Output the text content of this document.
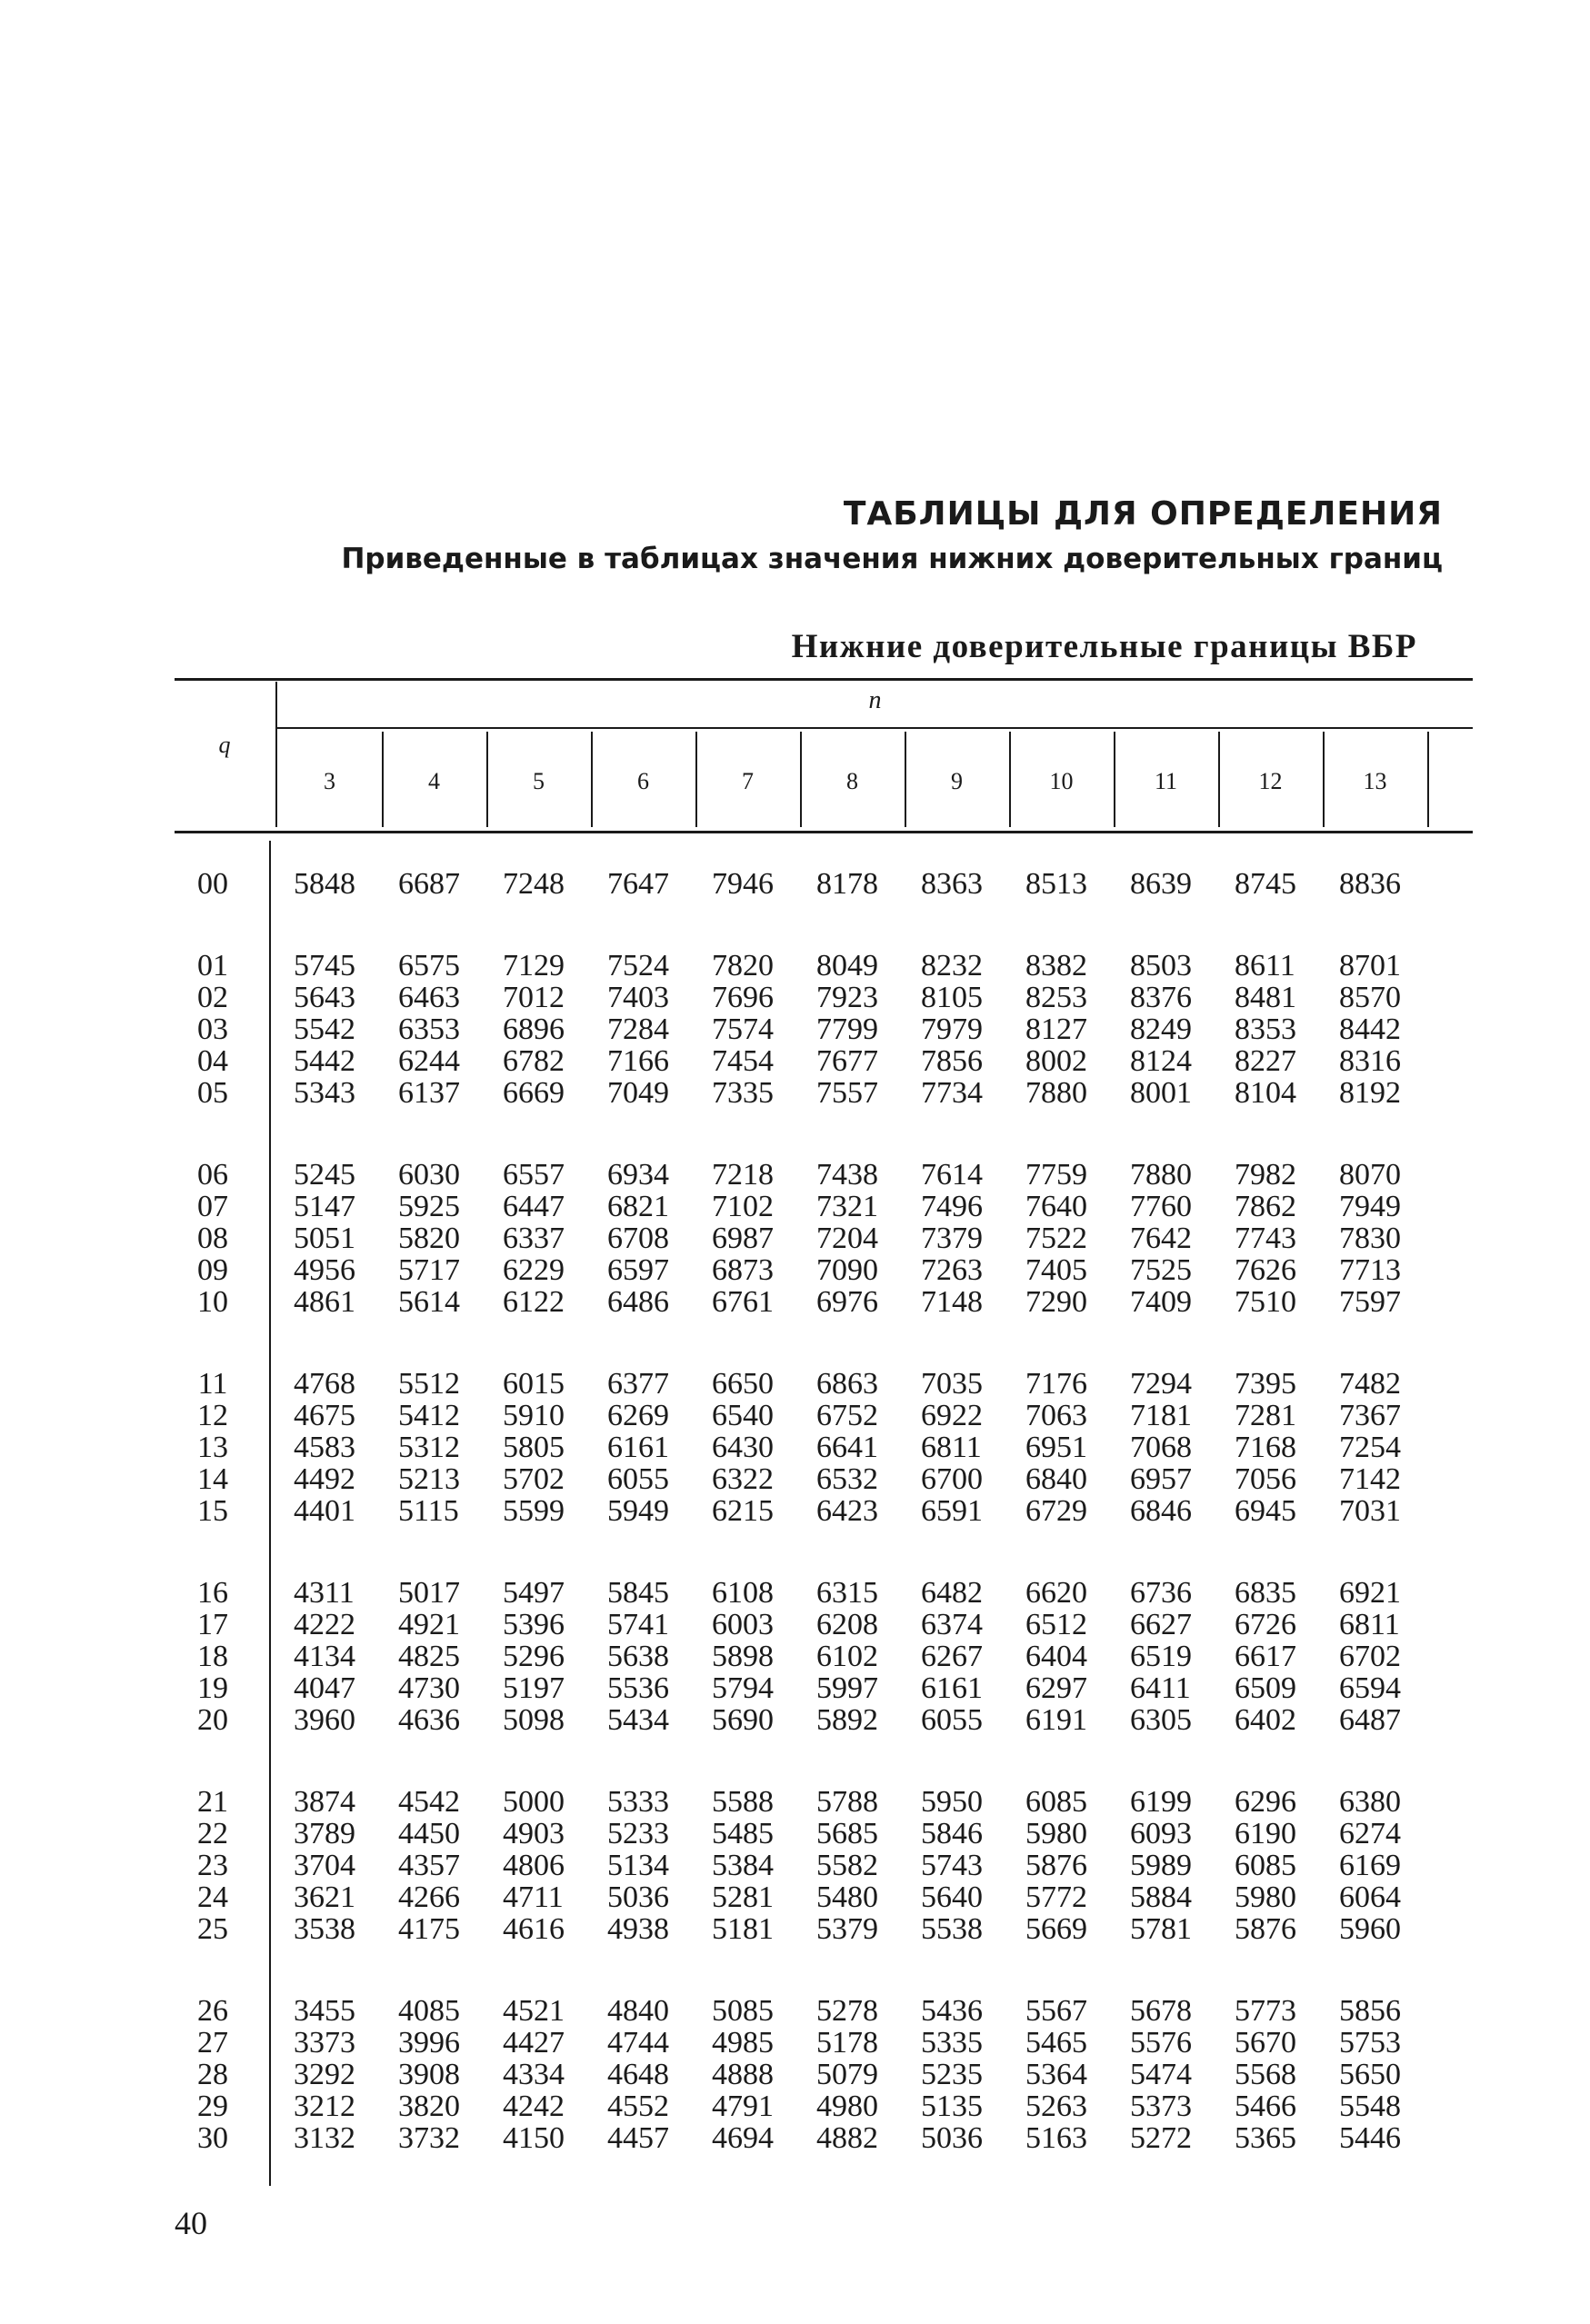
ТАБЛИЦЫ ДЛЯ ОПРЕДЕЛЕНИЯ
Приведенные в таблицах значения нижних доверительных границ
Нижние доверительные границы ВБР
n
q
3	4	5	6	7	8	9	10	11	12	13
00	5848 6687 7248 7647 7946 8178 8363 8513 8639 8745 8836
01	5745 6575 7129 7524 7820 8049 8232 8382 8503 8611 8701
02	5643 6463 7012 7403 7696 7923 8105 8253 8376 8481 8570
03	5542 6353 6896 7284 7574 7799 7979 8127 8249 8353 8442
04	5442 6244 6782 7166 7454 7677 7856 8002 8124 8227 8316
05	5343 6137 6669 7049 7335 7557 7734 7880 8001 8104 8192
06	5245 6030 6557 6934 7218 7438 7614 7759 7880 7982 8070
07	5147 5925 6447 6821 7102 7321 7496 7640 7760 7862 7949
08	5051 5820 6337 6708 6987 7204 7379 7522 7642 7743 7830
09	4956 5717 6229 6597 6873 7090 7263 7405 7525 7626 7713
10	4861 5614 6122 6486 6761 6976 7148 7290 7409 7510 7597
11	4768 5512 6015 6377 6650 6863 7035 7176 7294 7395 7482
12	4675 5412 5910 6269 6540 6752 6922 7063 7181 7281 7367
13	4583 5312 5805 6161 6430 6641 6811 6951 7068 7168 7254
14	4492 5213 5702 6055 6322 6532 6700 6840 6957 7056 7142
15	4401 5115 5599 5949 6215 6423 6591 6729 6846 6945 7031
16	4311 5017 5497 5845 6108 6315 6482 6620 6736 6835 6921
17	4222 4921 5396 5741 6003 6208 6374 6512 6627 6726 6811
18	4134 4825 5296 5638 5898 6102 6267 6404 6519 6617 6702
19	4047 4730 5197 5536 5794 5997 6161 6297 6411 6509 6594
20	3960 4636 5098 5434 5690 5892 6055 6191 6305 6402 6487
21	3874 4542 5000 5333 5588 5788 5950 6085 6199 6296 6380
22	3789 4450 4903 5233 5485 5685 5846 5980 6093 6190 6274
23	3704 4357 4806 5134 5384 5582 5743 5876 5989 6085 6169
24	3621 4266 4711 5036 5281 5480 5640 5772 5884 5980 6064
25	3538 4175 4616 4938 5181 5379 5538 5669 5781 5876 5960
26	3455 4085 4521 4840 5085 5278 5436 5567 5678 5773 5856
27	3373 3996 4427 4744 4985 5178 5335 5465 5576 5670 5753
28	3292 3908 4334 4648 4888 5079 5235 5364 5474 5568 5650
29	3212 3820 4242 4552 4791 4980 5135 5263 5373 5466 5548
30	3132 3732 4150 4457 4694 4882 5036 5163 5272 5365 5446
40
